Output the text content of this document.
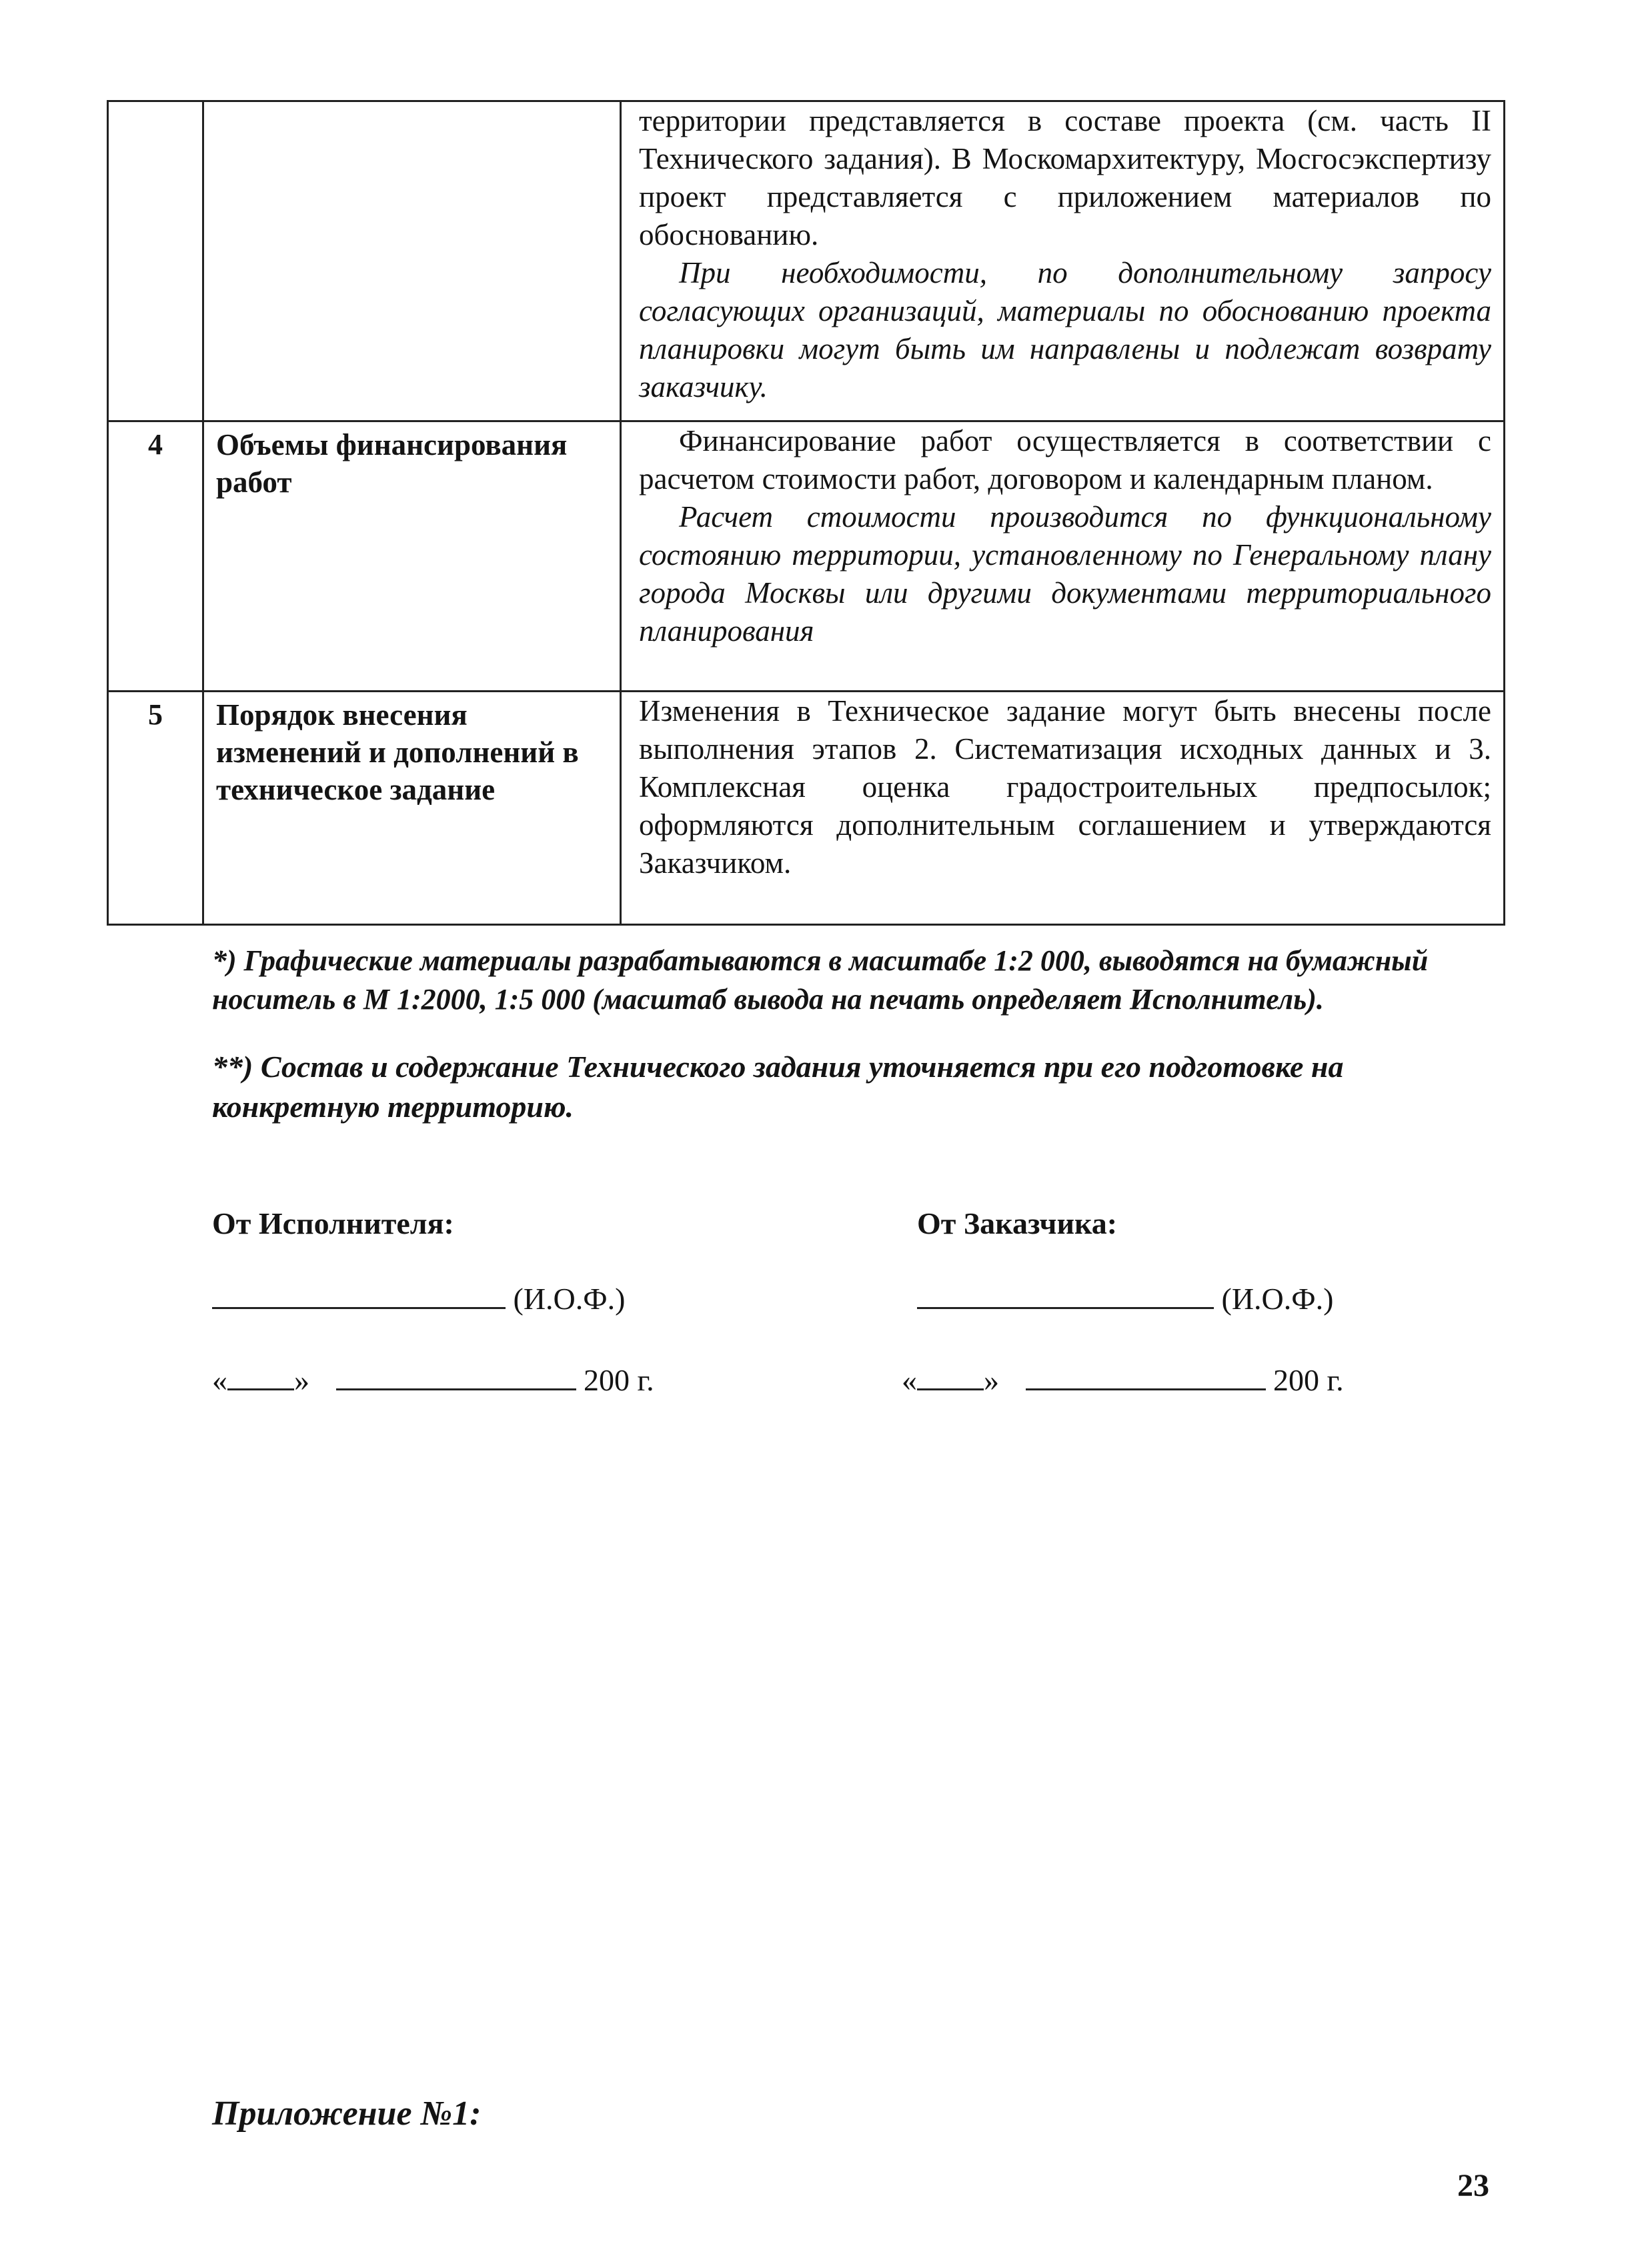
		территории представляется в составе проекта (см. часть II Технического задания). В Москомархитектуру, Мосгосэкспертизу проект представляется с приложением материалов по обоснованию.

При необходимости, по дополнительному запросу согласующих организаций, материалы по обоснованию проекта планировки могут быть им направлены и подлежат возврату заказчику.

4	Объемы финансирования работ	Финансирование работ осуществляется в соответствии с расчетом стоимости работ, договором и календарным планом.

Расчет стоимости производится по функциональному состоянию территории, установленному по Генеральному плану города Москвы или другими документами территориального планирования

5	Порядок внесения изменений и дополнений в техническое задание	Изменения в Техническое задание могут быть внесены после выполнения этапов 2. Систематизация исходных данных и 3. Комплексная оценка градостроительных предпосылок; оформляются дополнительным соглашением и утверждаются Заказчиком.

*) Графические материалы разрабатываются в масштабе 1:2 000, выводятся на бумажный носитель в М 1:2000, 1:5 000 (масштаб вывода на печать определяет Исполнитель).
**) Состав и содержание Технического задания уточняется при его подготовке на конкретную территорию.
От Исполнителя:	От Заказчика:
(И.О.Ф.)	(И.О.Ф.)
« »	200 г.	« »	200 г.
Приложение №1:
23
